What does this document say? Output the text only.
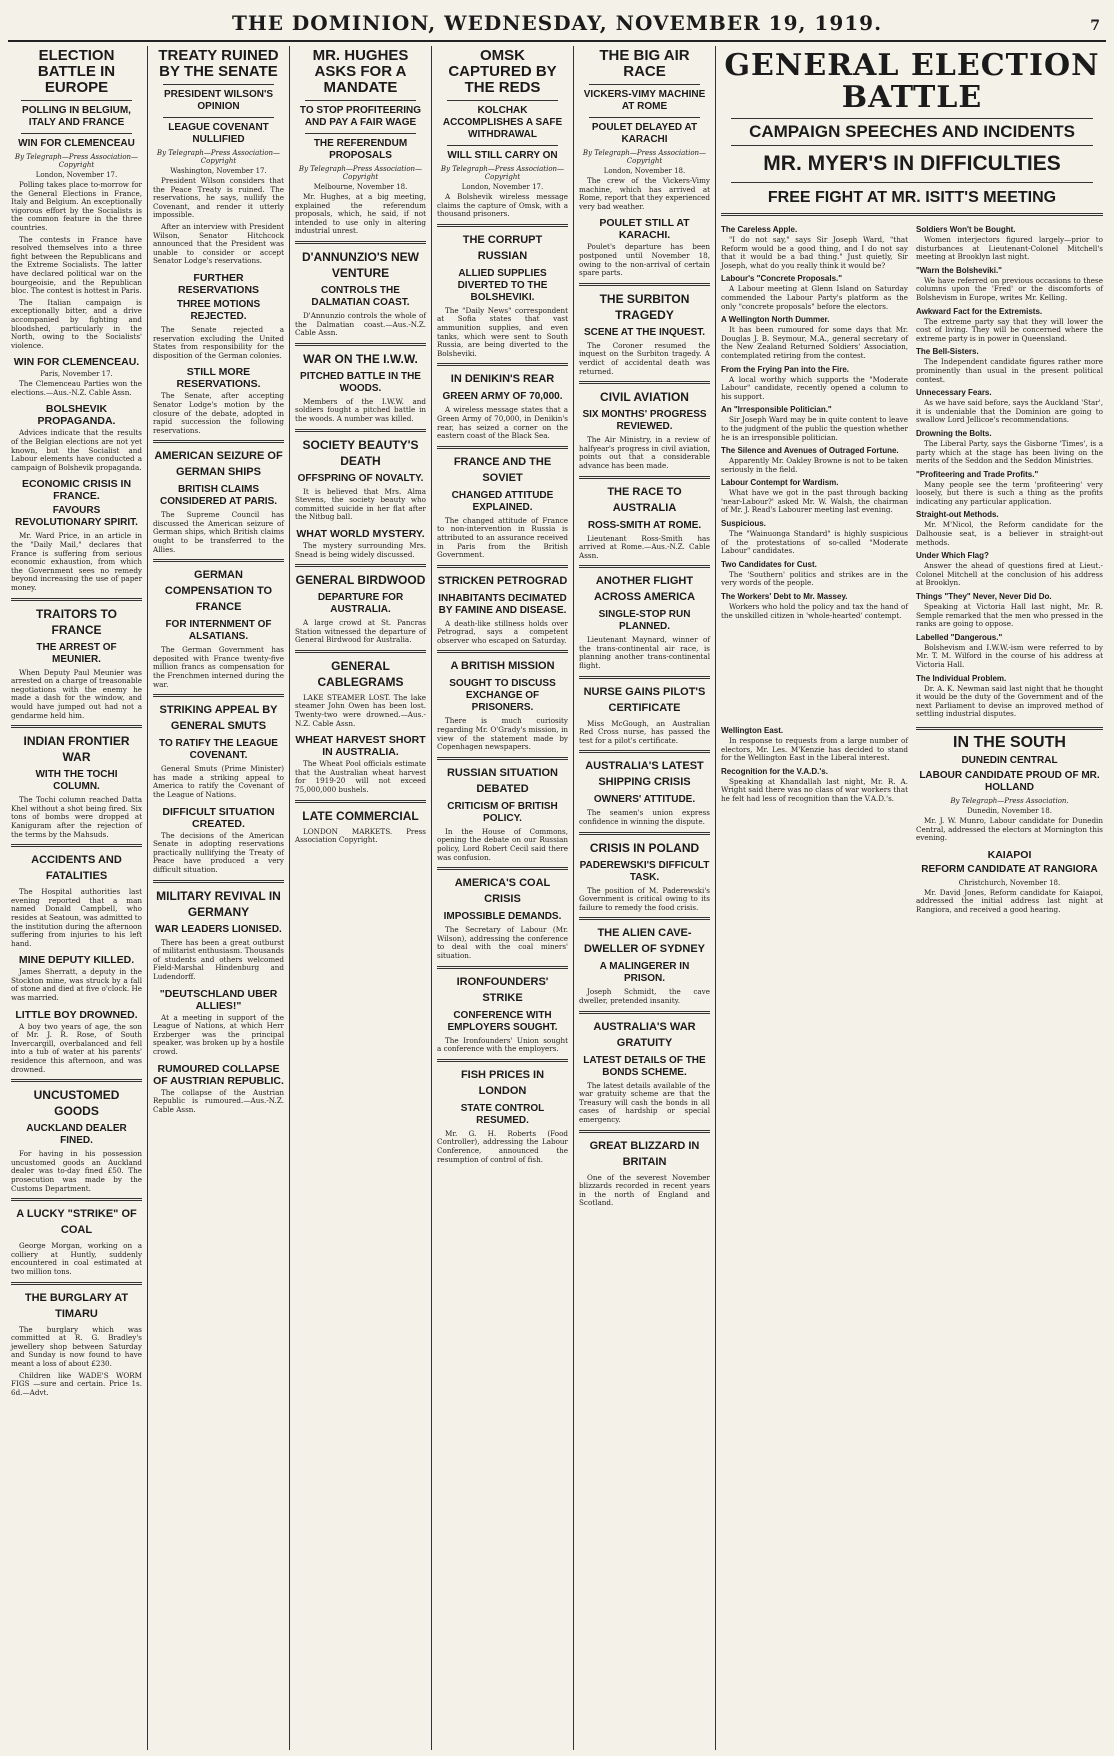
THE DOMINION, WEDNESDAY, NOVEMBER 19, 1919.	7
ELECTION BATTLE IN EUROPE
POLLING IN BELGIUM, ITALY AND FRANCE
WIN FOR CLEMENCEAU
By Telegraph—Press Association—Copyright
London, November 17.

Polling takes place to-morrow for the General Elections in France, Italy and Belgium. An exceptionally vigorous effort by the Socialists is the common feature in the three countries.

The contests in France have resolved themselves into a three fight between the Republicans and the Extreme Socialists. The latter have declared political war on the bourgeoisie, and the Republican bloc. The contest is hottest in Paris.

The Italian campaign is exceptionally bitter, and a drive accompanied by fighting and bloodshed, particularly in the North, owing to the Socialists' violence.

WIN FOR CLEMENCEAU.
Paris, November 17.

The Clemenceau Parties won the elections.—Aus.-N.Z. Cable Assn.

BOLSHEVIK PROPAGANDA.

Advices indicate that the results of the Belgian elections are not yet known, but the Socialist and Labour elements have conducted a campaign of Bolshevik propaganda.

ECONOMIC CRISIS IN FRANCE.
FAVOURS REVOLUTIONARY SPIRIT.

Mr. Ward Price, in an article in the "Daily Mail," declares that France is suffering from serious economic exhaustion, from which the Government sees no remedy beyond increasing the use of paper money.

TRAITORS TO FRANCE
THE ARREST OF MEUNIER.

When Deputy Paul Meunier was arrested on a charge of treasonable negotiations with the enemy he made a dash for the window, and would have jumped out had not a gendarme held him.

INDIAN FRONTIER WAR
WITH THE TOCHI COLUMN.

The Tochi column reached Datta Khel without a shot being fired. Six tons of bombs were dropped at Kaniguram after the rejection of the terms by the Mahsuds.

ACCIDENTS AND FATALITIES

The Hospital authorities last evening reported that a man named Donald Campbell, who resides at Seatoun, was admitted to the institution during the afternoon suffering from injuries to his left hand.

MINE DEPUTY KILLED.

James Sherratt, a deputy in the Stockton mine, was struck by a fall of stone and died at five o'clock. He was married.

LITTLE BOY DROWNED.

A boy two years of age, the son of Mr. J. R. Rose, of South Invercargill, overbalanced and fell into a tub of water at his parents' residence this afternoon, and was drowned.

UNCUSTOMED GOODS
AUCKLAND DEALER FINED.

For having in his possession uncustomed goods an Auckland dealer was to-day fined £50. The prosecution was made by the Customs Department.

A LUCKY "STRIKE" OF COAL

George Morgan, working on a colliery at Huntly, suddenly encountered in coal estimated at two million tons.

THE BURGLARY AT TIMARU

The burglary which was committed at R. G. Bradley's jewellery shop between Saturday and Sunday is now found to have meant a loss of about £230.

Children like WADE'S WORM FIGS —sure and certain. Price 1s. 6d.—Advt.

TREATY RUINED BY THE SENATE
PRESIDENT WILSON'S OPINION
LEAGUE COVENANT NULLIFIED
By Telegraph—Press Association—Copyright
Washington, November 17.

President Wilson considers that the Peace Treaty is ruined. The reservations, he says, nullify the Covenant, and render it utterly impossible.

After an interview with President Wilson, Senator Hitchcock announced that the President was unable to consider or accept Senator Lodge's reservations.

FURTHER RESERVATIONS
THREE MOTIONS REJECTED.

The Senate rejected a reservation excluding the United States from responsibility for the disposition of the German colonies.

STILL MORE RESERVATIONS.

The Senate, after accepting Senator Lodge's motion by the closure of the debate, adopted in rapid succession the following reservations.

AMERICAN SEIZURE OF GERMAN SHIPS
BRITISH CLAIMS CONSIDERED AT PARIS.

The Supreme Council has discussed the American seizure of German ships, which British claims ought to be transferred to the Allies.

GERMAN COMPENSATION TO FRANCE
FOR INTERNMENT OF ALSATIANS.

The German Government has deposited with France twenty-five million francs as compensation for the Frenchmen interned during the war.

STRIKING APPEAL BY GENERAL SMUTS
TO RATIFY THE LEAGUE COVENANT.

General Smuts (Prime Minister) has made a striking appeal to America to ratify the Covenant of the League of Nations.

DIFFICULT SITUATION CREATED.

The decisions of the American Senate in adopting reservations practically nullifying the Treaty of Peace have produced a very difficult situation.

MILITARY REVIVAL IN GERMANY
WAR LEADERS LIONISED.

There has been a great outburst of militarist enthusiasm. Thousands of students and others welcomed Field-Marshal Hindenburg and Ludendorff.

"DEUTSCHLAND UBER ALLIES!"

At a meeting in support of the League of Nations, at which Herr Erzberger was the principal speaker, was broken up by a hostile crowd.

RUMOURED COLLAPSE OF AUSTRIAN REPUBLIC.

The collapse of the Austrian Republic is rumoured.—Aus.-N.Z. Cable Assn.

MR. HUGHES ASKS FOR A MANDATE
TO STOP PROFITEERING AND PAY A FAIR WAGE
THE REFERENDUM PROPOSALS
By Telegraph—Press Association—Copyright
Melbourne, November 18.

Mr. Hughes, at a big meeting, explained the referendum proposals, which, he said, if not intended to use only in altering industrial unrest.

D'ANNUNZIO'S NEW VENTURE
CONTROLS THE DALMATIAN COAST.

D'Annunzio controls the whole of the Dalmatian coast.—Aus.-N.Z. Cable Assn.

WAR ON THE I.W.W.
PITCHED BATTLE IN THE WOODS.

Members of the I.W.W. and soldiers fought a pitched battle in the woods. A number was killed.

SOCIETY BEAUTY'S DEATH
OFFSPRING OF NOVALTY.

It is believed that Mrs. Alma Stevens, the society beauty who committed suicide in her flat after the Nitbug ball.

WHAT WORLD MYSTERY.

The mystery surrounding Mrs. Snead is being widely discussed.

GENERAL BIRDWOOD
DEPARTURE FOR AUSTRALIA.

A large crowd at St. Pancras Station witnessed the departure of General Birdwood for Australia.

GENERAL CABLEGRAMS

LAKE STEAMER LOST. The lake steamer John Owen has been lost. Twenty-two were drowned.—Aus.-N.Z. Cable Assn.

WHEAT HARVEST SHORT IN AUSTRALIA.

The Wheat Pool officials estimate that the Australian wheat harvest for 1919-20 will not exceed 75,000,000 bushels.

LATE COMMERCIAL

LONDON MARKETS. Press Association Copyright.

OMSK CAPTURED BY THE REDS
KOLCHAK ACCOMPLISHES A SAFE WITHDRAWAL
WILL STILL CARRY ON
By Telegraph—Press Association—Copyright
London, November 17.

A Bolshevik wireless message claims the capture of Omsk, with a thousand prisoners.

THE CORRUPT RUSSIAN
ALLIED SUPPLIES DIVERTED TO THE BOLSHEVIKI.

The "Daily News" correspondent at Sofia states that vast ammunition supplies, and even tanks, which were sent to South Russia, are being diverted to the Bolsheviki.

IN DENIKIN'S REAR
GREEN ARMY OF 70,000.

A wireless message states that a Green Army of 70,000, in Denikin's rear, has seized a corner on the eastern coast of the Black Sea.

FRANCE AND THE SOVIET
CHANGED ATTITUDE EXPLAINED.

The changed attitude of France to non-intervention in Russia is attributed to an assurance received in Paris from the British Government.

STRICKEN PETROGRAD
INHABITANTS DECIMATED BY FAMINE AND DISEASE.

A death-like stillness holds over Petrograd, says a competent observer who escaped on Saturday.

A BRITISH MISSION
SOUGHT TO DISCUSS EXCHANGE OF PRISONERS.

There is much curiosity regarding Mr. O'Grady's mission, in view of the statement made by Copenhagen newspapers.

RUSSIAN SITUATION DEBATED
CRITICISM OF BRITISH POLICY.

In the House of Commons, opening the debate on our Russian policy, Lord Robert Cecil said there was confusion.

AMERICA'S COAL CRISIS
IMPOSSIBLE DEMANDS.

The Secretary of Labour (Mr. Wilson), addressing the conference to deal with the coal miners' situation.

IRONFOUNDERS' STRIKE
CONFERENCE WITH EMPLOYERS SOUGHT.

The Ironfounders' Union sought a conference with the employers.

FISH PRICES IN LONDON
STATE CONTROL RESUMED.

Mr. G. H. Roberts (Food Controller), addressing the Labour Conference, announced the resumption of control of fish.

THE BIG AIR RACE
VICKERS-VIMY MACHINE AT ROME
POULET DELAYED AT KARACHI
By Telegraph—Press Association—Copyright
London, November 18.

The crew of the Vickers-Vimy machine, which has arrived at Rome, report that they experienced very bad weather.

POULET STILL AT KARACHI.

Poulet's departure has been postponed until November 18, owing to the non-arrival of certain spare parts.

THE SURBITON TRAGEDY
SCENE AT THE INQUEST.

The Coroner resumed the inquest on the Surbiton tragedy. A verdict of accidental death was returned.

CIVIL AVIATION
SIX MONTHS' PROGRESS REVIEWED.

The Air Ministry, in a review of halfyear's progress in civil aviation, points out that a considerable advance has been made.

THE RACE TO AUSTRALIA
ROSS-SMITH AT ROME.

Lieutenant Ross-Smith has arrived at Rome.—Aus.-N.Z. Cable Assn.

ANOTHER FLIGHT ACROSS AMERICA
SINGLE-STOP RUN PLANNED.

Lieutenant Maynard, winner of the trans-continental air race, is planning another trans-continental flight.

NURSE GAINS PILOT'S CERTIFICATE

Miss McGough, an Australian Red Cross nurse, has passed the test for a pilot's certificate.

AUSTRALIA'S LATEST SHIPPING CRISIS
OWNERS' ATTITUDE.

The seamen's union express confidence in winning the dispute.

CRISIS IN POLAND
PADEREWSKI'S DIFFICULT TASK.

The position of M. Paderewski's Government is critical owing to its failure to remedy the food crisis.

THE ALIEN CAVE-DWELLER OF SYDNEY
A MALINGERER IN PRISON.

Joseph Schmidt, the cave dweller, pretended insanity.

AUSTRALIA'S WAR GRATUITY
LATEST DETAILS OF THE BONDS SCHEME.

The latest details available of the war gratuity scheme are that the Treasury will cash the bonds in all cases of hardship or special emergency.

GREAT BLIZZARD IN BRITAIN

One of the severest November blizzards recorded in recent years in the north of England and Scotland.

GENERAL ELECTION BATTLE
CAMPAIGN SPEECHES AND INCIDENTS
MR. MYER'S IN DIFFICULTIES
FREE FIGHT AT MR. ISITT'S MEETING
The Careless Apple.

"I do not say," says Sir Joseph Ward, "that Reform would be a good thing, and I do not say that it would be a bad thing." Just quietly, Sir Joseph, what do you really think it would be?

Labour's "Concrete Proposals."

A Labour meeting at Glenn Island on Saturday commended the Labour Party's platform as the only "concrete proposals" before the electors.

A Wellington North Dummer.

It has been rumoured for some days that Mr. Douglas J. B. Seymour, M.A., general secretary of the New Zealand Returned Soldiers' Association, contemplated retiring from the contest.

From the Frying Pan into the Fire.

A local worthy which supports the "Moderate Labour" candidate, recently opened a column to his support.

An "Irresponsible Politician."

Sir Joseph Ward may be in quite content to leave to the judgment of the public the question whether he is an irresponsible politician.

The Silence and Avenues of Outraged Fortune.

Apparently Mr. Oakley Browne is not to be taken seriously in the field.

Labour Contempt for Wardism.

What have we got in the past through backing 'near-Labour?' asked Mr. W. Walsh, the chairman of Mr. J. Read's Labourer meeting last evening.

Suspicious.

The "Wainuonga Standard" is highly suspicious of the protestations of so-called "Moderate Labour" candidates.

Two Candidates for Cust.

The 'Southern' politics and strikes are in the very words of the people.

The Workers' Debt to Mr. Massey.

Workers who hold the policy and tax the hand of the unskilled citizen in 'whole-hearted' contempt.

Soldiers Won't be Bought.

Women interjectors figured largely—prior to disturbances at Lieutenant-Colonel Mitchell's meeting at Brooklyn last night.

"Warn the Bolsheviki."

We have referred on previous occasions to these columns upon the 'Fred' or the discomforts of Bolshevism in Europe, writes Mr. Kelling.

Awkward Fact for the Extremists.

The extreme party say that they will lower the cost of living. They will be concerned where the extreme party is in power in Queensland.

The Bell-Sisters.

The Independent candidate figures rather more prominently than usual in the present political contest.

Unnecessary Fears.

As we have said before, says the Auckland 'Star', it is undeniable that the Dominion are going to swallow Lord Jellicoe's recommendations.

Drowning the Bolts.

The Liberal Party, says the Gisborne 'Times', is a party which at the stage has been living on the merits of the Seddon and the Seddon Ministries.

"Profiteering and Trade Profits."

Many people see the term 'profiteering' very loosely, but there is such a thing as the profits indicating any particular application.

Straight-out Methods.

Mr. M'Nicol, the Reform candidate for the Dalhousie seat, is a believer in straight-out methods.

Under Which Flag?

Answer the ahead of questions fired at Lieut.-Colonel Mitchell at the conclusion of his address at Brooklyn.

Things "They" Never, Never Did Do.

Speaking at Victoria Hall last night, Mr. R. Semple remarked that the men who pressed in the ranks are going to oppose.

Labelled "Dangerous."

Bolshevism and I.W.W.-ism were referred to by Mr. T. M. Wilford in the course of his address at Victoria Hall.

The Individual Problem.

Dr. A. K. Newman said last night that he thought it would be the duty of the Government and of the next Parliament to devise an improved method of settling industrial disputes.

Wellington East.

In response to requests from a large number of electors, Mr. Les. M'Kenzie has decided to stand for the Wellington East in the Liberal interest.

Recognition for the V.A.D.'s.

Speaking at Khandallah last night, Mr. R. A. Wright said there was no class of war workers that he felt had less of recognition than the V.A.D.'s.

IN THE SOUTH
DUNEDIN CENTRAL
LABOUR CANDIDATE PROUD OF MR. HOLLAND
By Telegraph—Press Association.
Dunedin, November 18.

Mr. J. W. Munro, Labour candidate for Dunedin Central, addressed the electors at Mornington this evening.

KAIAPOI
REFORM CANDIDATE AT RANGIORA
Christchurch, November 18.

Mr. David Jones, Reform candidate for Kaiapoi, addressed the initial address last night at Rangiora, and received a good hearing.
